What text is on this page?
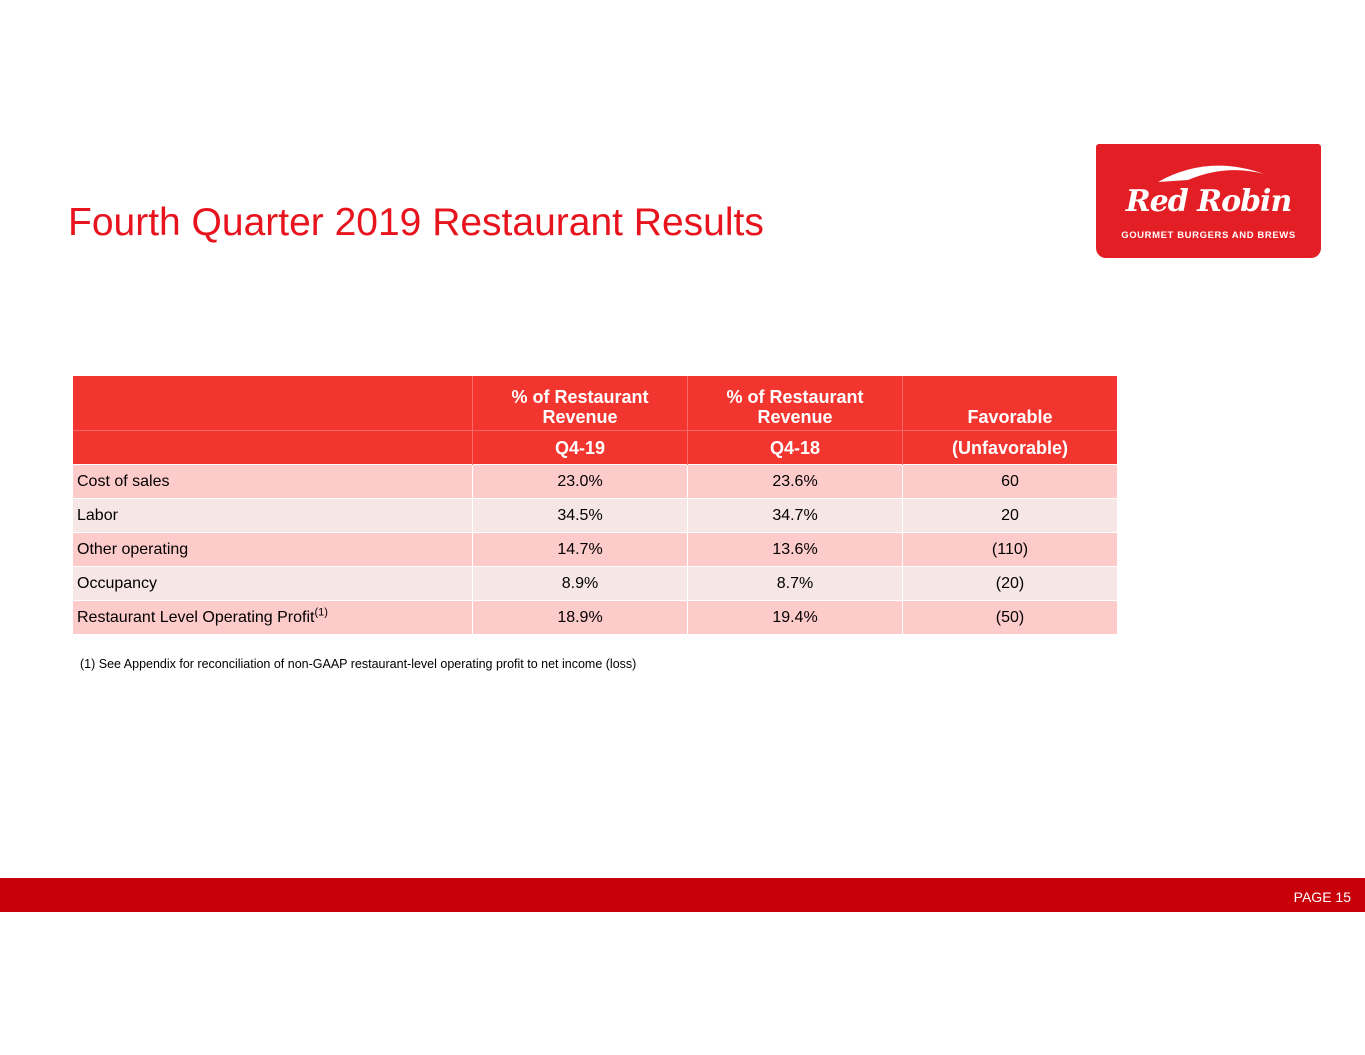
Fourth Quarter 2019 Restaurant Results	Red Robin
GOURMET BURGERS AND BREWS
	% of Restaurant Revenue	% of Restaurant Revenue	Favorable
	Q4-19	Q4-18	(Unfavorable)
Cost of sales	23.0%	23.6%	60
Labor	34.5%	34.7%	20
Other operating	14.7%	13.6%	(110)
Occupancy	8.9%	8.7%	(20)
Restaurant Level Operating Profit$^{(1)}$	18.9%	19.4%	(50)
(1) See Appendix for reconciliation of non-GAAP restaurant-level operating profit to net income (loss)
PAGE 15
